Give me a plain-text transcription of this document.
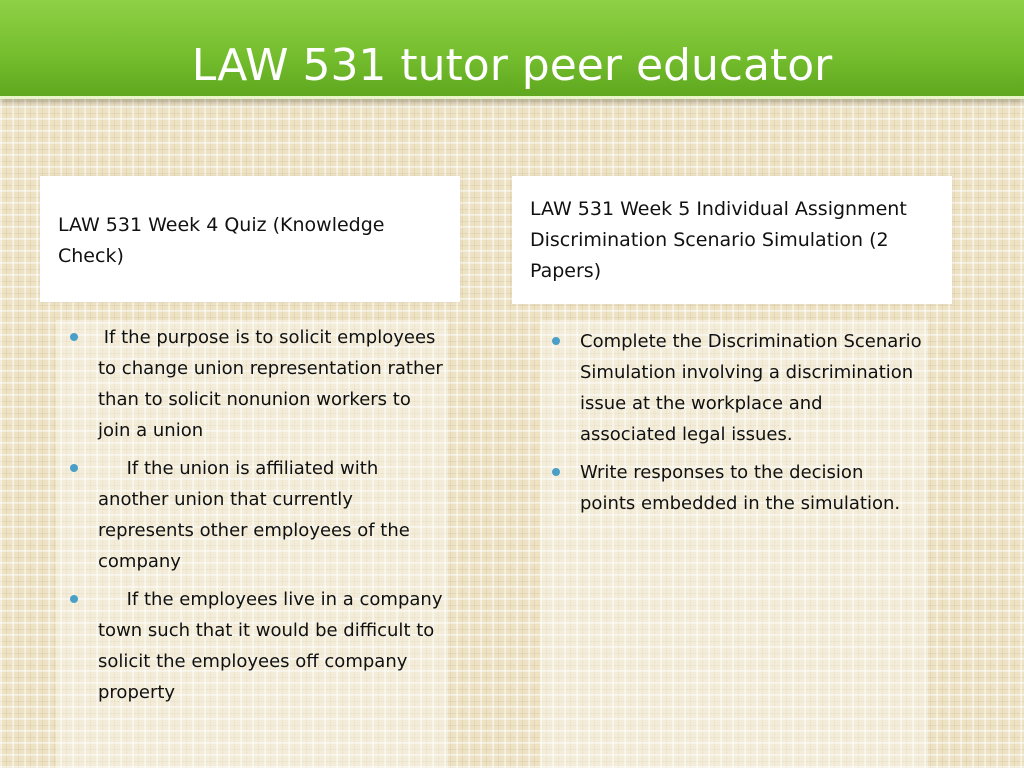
LAW 531 tutor peer educator
LAW 531 Week 4 Quiz (Knowledge Check)
LAW 531 Week 5 Individual Assignment Discrimination Scenario Simulation (2 Papers)
If the purpose is to solicit employees to change union representation rather than to solicit nonunion workers to join a union
If the union is affiliated with another union that currently represents other employees of the company
If the employees live in a company town such that it would be difficult to solicit the employees off company property
Complete the Discrimination Scenario Simulation involving a discrimination issue at the workplace and associated legal issues.
Write responses to the decision points embedded in the simulation.
